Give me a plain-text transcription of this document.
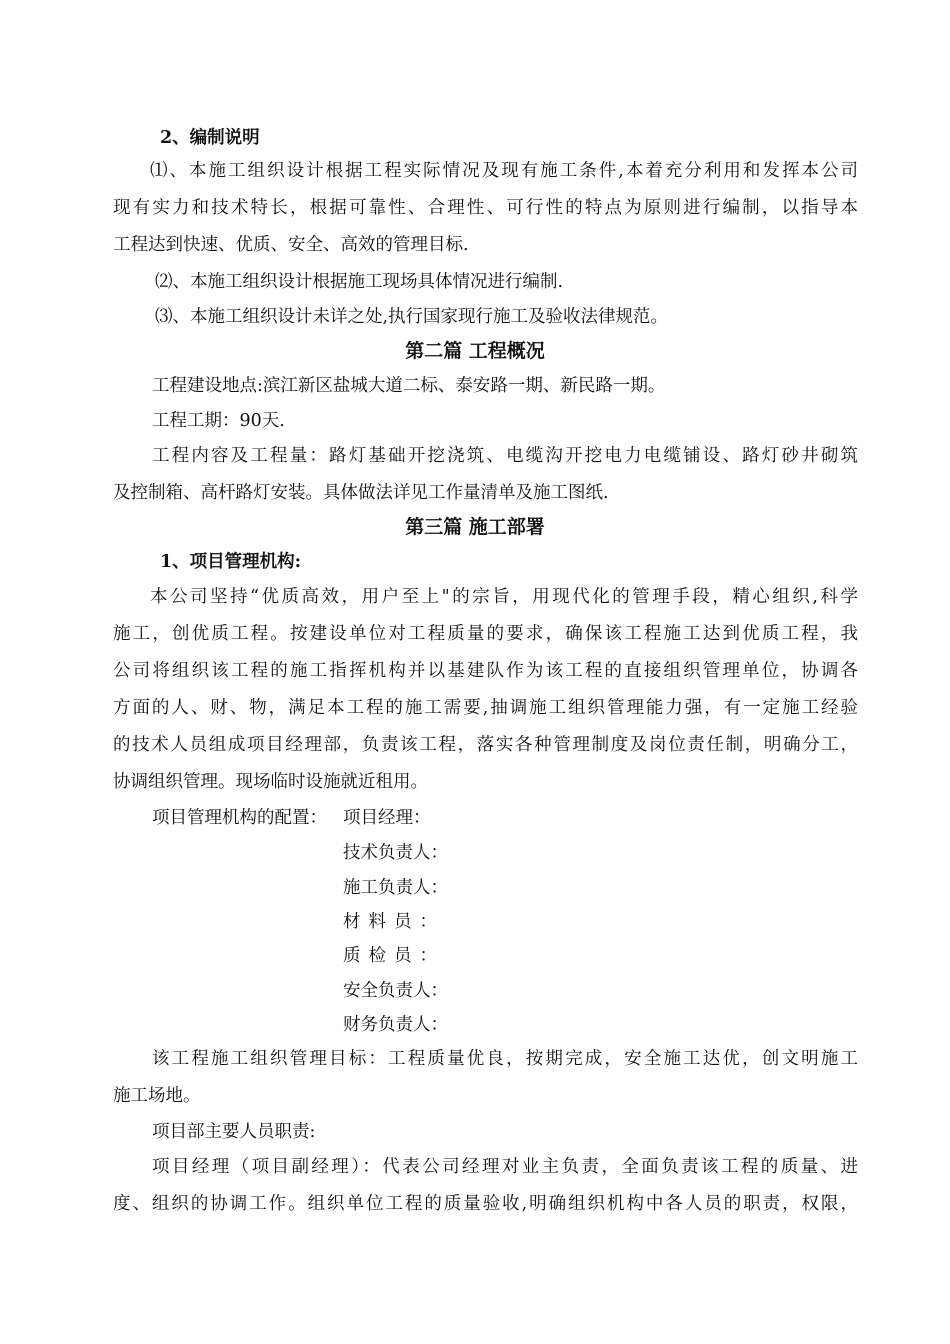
2、编制说明
⑴、本施工组织设计根据工程实际情况及现有施工条件,本着充分利用和发挥本公司
现有实力和技术特长，根据可靠性、合理性、可行性的特点为原则进行编制，以指导本
工程达到快速、优质、安全、高效的管理目标.
⑵、本施工组织设计根据施工现场具体情况进行编制.
⑶、本施工组织设计未详之处,执行国家现行施工及验收法律规范。
第二篇 工程概况
工程建设地点:滨江新区盐城大道二标、泰安路一期、新民路一期。
工程工期：90天.
工程内容及工程量：路灯基础开挖浇筑、电缆沟开挖电力电缆铺设、路灯砂井砌筑
及控制箱、高杆路灯安装。具体做法详见工作量清单及施工图纸.
第三篇 施工部署
1、项目管理机构:
本公司坚持“优质高效，用户至上"的宗旨，用现代化的管理手段，精心组织,科学
施工，创优质工程。按建设单位对工程质量的要求，确保该工程施工达到优质工程，我
公司将组织该工程的施工指挥机构并以基建队作为该工程的直接组织管理单位，协调各
方面的人、财、物，满足本工程的施工需要,抽调施工组织管理能力强，有一定施工经验
的技术人员组成项目经理部，负责该工程，落实各种管理制度及岗位责任制，明确分工，
协调组织管理。现场临时设施就近租用。
项目管理机构的配置： 项目经理：
技术负责人：
施工负责人：
材料员：
质检员：
安全负责人：
财务负责人：
该工程施工组织管理目标：工程质量优良，按期完成，安全施工达优，创文明施工
施工场地。
项目部主要人员职责:
项目经理（项目副经理）：代表公司经理对业主负责，全面负责该工程的质量、进
度、组织的协调工作。组织单位工程的质量验收,明确组织机构中各人员的职责，权限，
